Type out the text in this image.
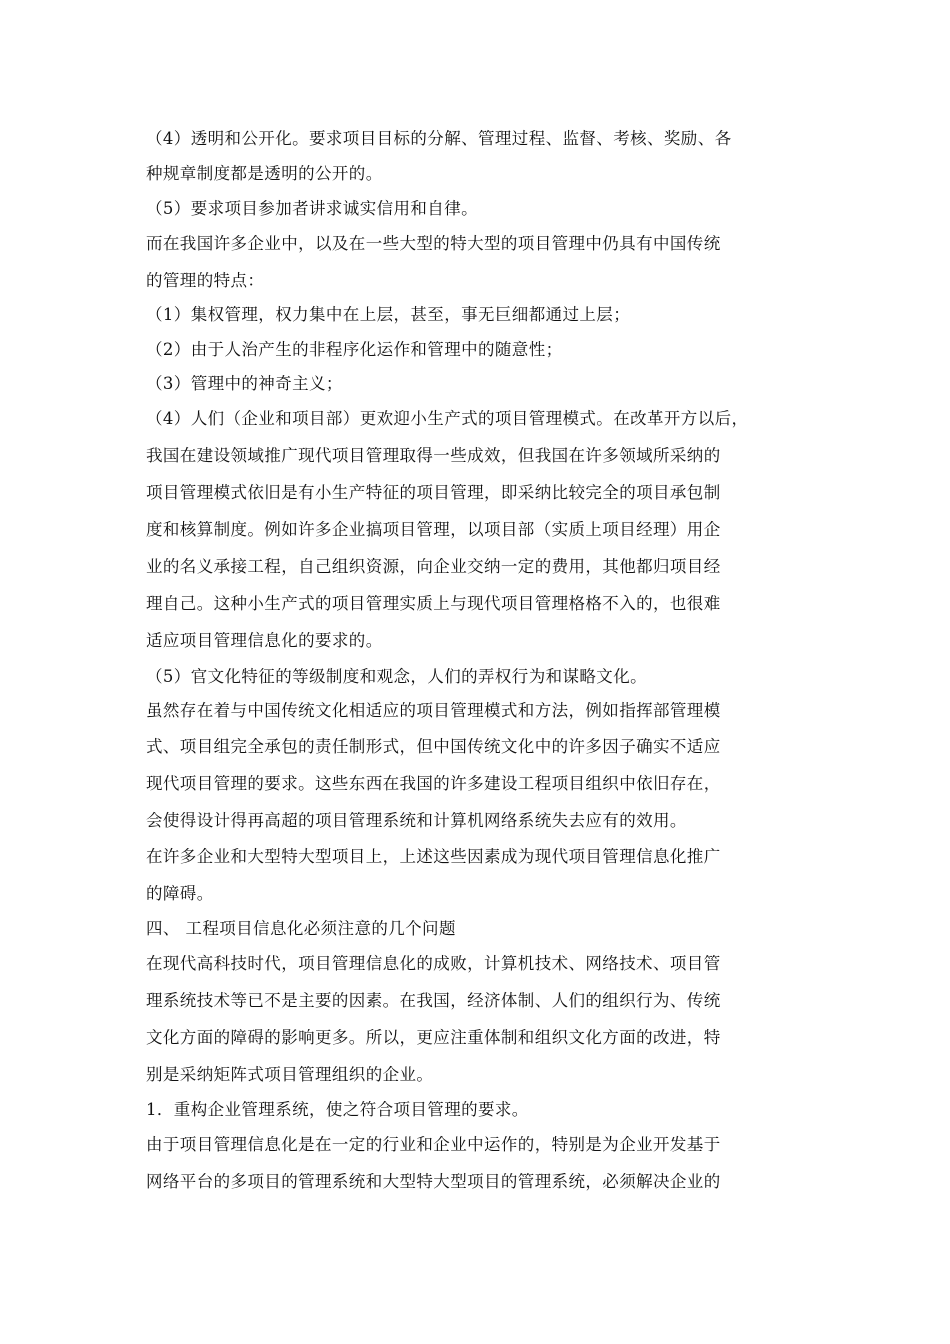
（4）透明和公开化。要求项目目标的分解、管理过程、监督、考核、奖励、各
种规章制度都是透明的公开的。
（5）要求项目参加者讲求诚实信用和自律。
而在我国许多企业中，以及在一些大型的特大型的项目管理中仍具有中国传统
的管理的特点：
（1）集权管理，权力集中在上层，甚至，事无巨细都通过上层；
（2）由于人治产生的非程序化运作和管理中的随意性；
（3）管理中的神奇主义；
（4）人们（企业和项目部）更欢迎小生产式的项目管理模式。在改革开方以后，
我国在建设领域推广现代项目管理取得一些成效，但我国在许多领域所采纳的
项目管理模式依旧是有小生产特征的项目管理，即采纳比较完全的项目承包制
度和核算制度。例如许多企业搞项目管理，以项目部（实质上项目经理）用企
业的名义承接工程，自己组织资源，向企业交纳一定的费用，其他都归项目经
理自己。这种小生产式的项目管理实质上与现代项目管理格格不入的，也很难
适应项目管理信息化的要求的。
（5）官文化特征的等级制度和观念，人们的弄权行为和谋略文化。
虽然存在着与中国传统文化相适应的项目管理模式和方法，例如指挥部管理模
式、项目组完全承包的责任制形式，但中国传统文化中的许多因子确实不适应
现代项目管理的要求。这些东西在我国的许多建设工程项目组织中依旧存在，
会使得设计得再高超的项目管理系统和计算机网络系统失去应有的效用。
在许多企业和大型特大型项目上，上述这些因素成为现代项目管理信息化推广
的障碍。
四、 工程项目信息化必须注意的几个问题
在现代高科技时代，项目管理信息化的成败，计算机技术、网络技术、项目管
理系统技术等已不是主要的因素。在我国，经济体制、人们的组织行为、传统
文化方面的障碍的影响更多。所以，更应注重体制和组织文化方面的改进，特
别是采纳矩阵式项目管理组织的企业。
1．重构企业管理系统，使之符合项目管理的要求。
由于项目管理信息化是在一定的行业和企业中运作的，特别是为企业开发基于
网络平台的多项目的管理系统和大型特大型项目的管理系统，必须解决企业的
